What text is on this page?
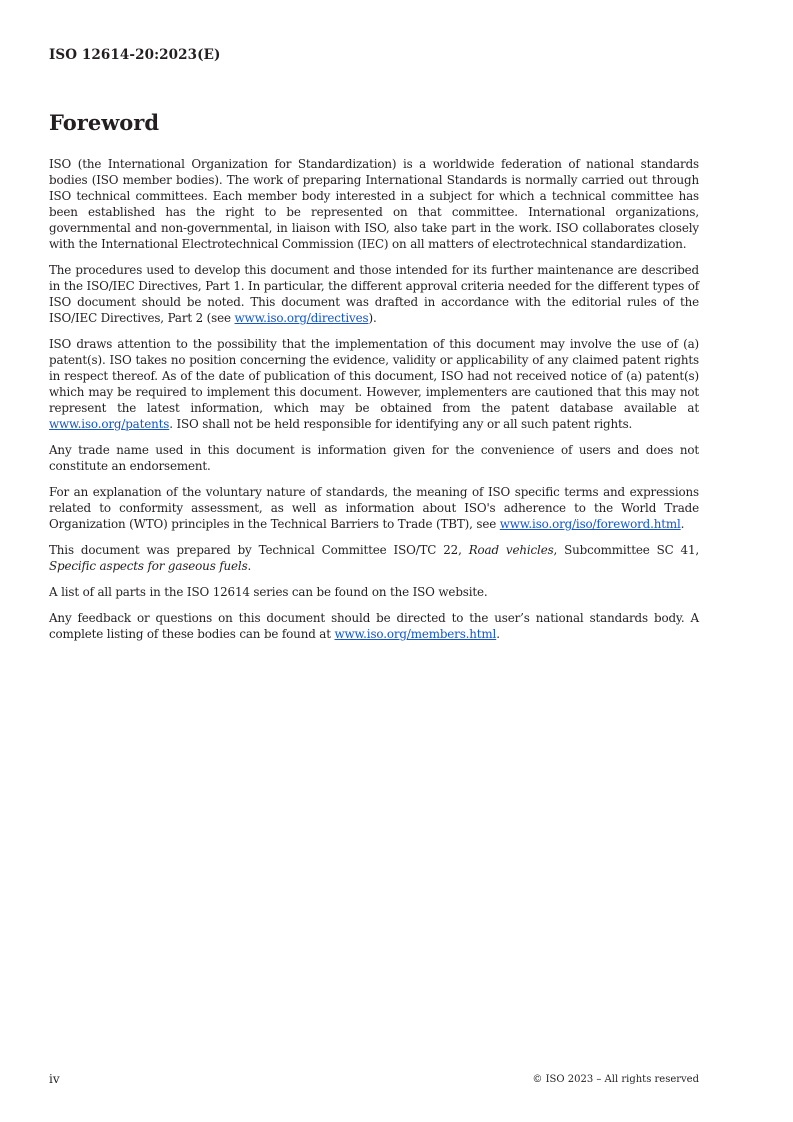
ISO 12614-20:2023(E)
Foreword

ISO (the International Organization for Standardization) is a worldwide federation of national standards bodies (ISO member bodies). The work of preparing International Standards is normally carried out through ISO technical committees. Each member body interested in a subject for which a technical committee has been established has the right to be represented on that committee. International organizations, governmental and non-governmental, in liaison with ISO, also take part in the work. ISO collaborates closely with the International Electrotechnical Commission (IEC) on all matters of electrotechnical standardization.

The procedures used to develop this document and those intended for its further maintenance are described in the ISO/IEC Directives, Part 1. In particular, the different approval criteria needed for the different types of ISO document should be noted. This document was drafted in accordance with the editorial rules of the ISO/IEC Directives, Part 2 (see www.iso.org/directives).

ISO draws attention to the possibility that the implementation of this document may involve the use of (a) patent(s). ISO takes no position concerning the evidence, validity or applicability of any claimed patent rights in respect thereof. As of the date of publication of this document, ISO had not received notice of (a) patent(s) which may be required to implement this document. However, implementers are cautioned that this may not represent the latest information, which may be obtained from the patent database available at www.iso.org/patents. ISO shall not be held responsible for identifying any or all such patent rights.

Any trade name used in this document is information given for the convenience of users and does not constitute an endorsement.

For an explanation of the voluntary nature of standards, the meaning of ISO specific terms and expressions related to conformity assessment, as well as information about ISO's adherence to the World Trade Organization (WTO) principles in the Technical Barriers to Trade (TBT), see www.iso.org/iso/foreword.html.

This document was prepared by Technical Committee ISO/TC 22, Road vehicles, Subcommittee SC 41, Specific aspects for gaseous fuels.

A list of all parts in the ISO 12614 series can be found on the ISO website.

Any feedback or questions on this document should be directed to the user’s national standards body. A complete listing of these bodies can be found at www.iso.org/members.html.

iv	© ISO 2023 – All rights reserved
